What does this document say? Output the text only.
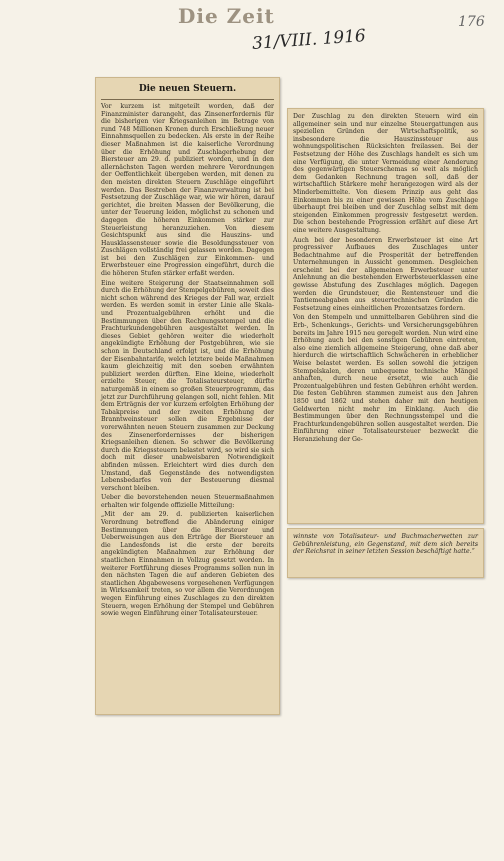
Die Zeit
31/VIII. 1916
176
Die neuen Steuern.

Vor kurzem ist mitgeteilt worden, daß der Finanzminister darangeht, das Zinsenerfordernis für die bisherigen vier Kriegsanleihen im Betrage von rund 748 Millionen Kronen durch Erschließung neuer Einnahmsquellen zu bedecken. Als erste in der Reihe dieser Maßnahmen ist die kaiserliche Verordnung über die Erhöhung und Zuschlagerhebung der Biersteuer am 29. d. publiziert worden, und in den allernächsten Tagen werden mehrere Verordnungen der Oeffentlichkeit übergeben werden, mit denen zu den meisten direkten Steuern Zuschläge eingeführt werden. Das Bestreben der Finanzverwaltung ist bei Festsetzung der Zuschläge war, wie wir hören, darauf gerichtet, die breiten Massen der Bevölkerung, die unter der Teuerung leiden, möglichst zu schonen und dagegen die höheren Einkommen stärker zur Steuerleistung heranzuziehen. Von diesem Gesichtspunkt aus sind die Hauszins- und Hausklassensteuer sowie die Besoldungssteuer von Zuschlägen vollständig frei gelassen worden. Dagegen ist bei den Zuschlägen zur Einkommen- und Erwerbsteuer eine Progression eingeführt, durch die die höheren Stufen stärker erfaßt werden.

Eine weitere Steigerung der Staatseinnahmen soll durch die Erhöhung der Stempelgebühren, soweit dies nicht schon während des Krieges der Fall war, erzielt werden. Es werden somit in erster Linie alle Skala- und Prozentualgebühren erhöht und die Bestimmungen über den Rechnungsstempel und die Frachturkundengebühren ausgestaltet werden. In dieses Gebiet gehören weiter die wiederholt angekündigte Erhöhung der Postgebühren, wie sie schon in Deutschland erfolgt ist, und die Erhöhung der Eisenbahntarife, welch letztere beide Maßnahmen kaum gleichzeitig mit den soeben erwähnten publiziert werden dürften. Eine kleine, wiederholt erzielte Steuer, die Totalisateursteuer, dürfte naturgemäß in einem so großen Steuerprogramm, das jetzt zur Durchführung gelangen soll, nicht fehlen. Mit dem Erträgnis der vor kurzem erfolgten Erhöhung der Tabakpreise und der zweiten Erhöhung der Branntweinsteuer sollen die Ergebnisse der vorerwähnten neuen Steuern zusammen zur Deckung des Zinsenerfordernisses der bisherigen Kriegsanleihen dienen. So schwer die Bevölkerung durch die Kriegssteuern belastet wird, so wird sie sich doch mit dieser unabweisbaren Notwendigkeit abfinden müssen. Erleichtert wird dies durch den Umstand, daß Gegenstände des notwendigsten Lebensbedarfes von der Besteuerung diesmal verschont bleiben.

Ueber die bevorstehenden neuen Steuermaßnahmen erhalten wir folgende offizielle Mitteilung:

„Mit der am 29. d. publizierten kaiserlichen Verordnung betreffend die Abänderung einiger Bestimmungen über die Biersteuer und Ueberweisungen aus den Erträge der Biersteuer an die Landesfonds ist die erste der bereits angekündigten Maßnahmen zur Erhöhung der staatlichen Einnahmen in Vollzug gesetzt worden. In weiterer Fortführung dieses Programms sollen nun in den nächsten Tagen die auf anderen Gebieten des staatlichen Abgabewesens vorgesehenen Verfügungen in Wirksamkeit treten, so vor allem die Verordnungen wegen Einführung eines Zuschlages zu den direkten Steuern, wegen Erhöhung der Stempel und Gebühren sowie wegen Einführung einer Totalisateursteuer.

Der Zuschlag zu den direkten Steuern wird ein allgemeiner sein und nur einzelne Steuergattungen aus speziellen Gründen der Wirtschaftspolitik, so insbesondere die Hauszinssteuer aus wohnungspolitischen Rücksichten freilassen. Bei der Festsetzung der Höhe des Zuschlags handelt es sich um eine Verfügung, die unter Vermeidung einer Aenderung des gegenwärtigen Steuerschemas so weit als möglich dem Gedanken Rechnung tragen soll, daß der wirtschaftlich Stärkere mehr herangezogen wird als der Minderbemittelte. Von diesem Prinzip aus geht das Einkommen bis zu einer gewissen Höhe vom Zuschlage überhaupt frei bleiben und der Zuschlag selbst mit dem steigenden Einkommen progressiv festgesetzt werden. Die schon bestehende Progression erfährt auf diese Art eine weitere Ausgestaltung.

Auch bei der besonderen Erwerbsteuer ist eine Art progressiver Aufbaues des Zuschlages unter Bedachtnahme auf die Prosperität der betreffenden Unternehmungen in Aussicht genommen. Desgleichen erscheint bei der allgemeinen Erwerbsteuer unter Anlehnung an die bestehenden Erwerbsteuerklassen eine gewisse Abstufung des Zuschlages möglich. Dagegen werden die Grundsteuer, die Rentensteuer und die Tantiemeabgaben aus steuertechnischen Gründen die Festsetzung eines einheitlichen Prozentsatzes fordern.

Von den Stempeln und unmittelbaren Gebühren sind die Erb-, Schenkungs-, Gerichts- und Versicherungsgebühren bereits im Jahre 1915 neu geregelt worden. Nun wird eine Erhöhung auch bei den sonstigen Gebühren eintreten, also eine ziemlich allgemeine Steigerung, ohne daß aber hierdurch die wirtschaftlich Schwächeren in erheblicher Weise belastet werden. Es sollen sowohl die jetzigen Stempelskalen, deren unbequeme technische Mängel anhaften, durch neue ersetzt, wie auch die Prozentualgebühren und festen Gebühren erhöht werden. Die festen Gebühren stammen zumeist aus den Jahren 1850 und 1862 und stehen daher mit den heutigen Geldwerten nicht mehr im Einklang. Auch die Bestimmungen über den Rechnungsstempel und die Frachturkundengebühren sollen ausgestaltet werden. Die Einführung einer Totalisateursteuer bezweckt die Heranziehung der Ge-

winnste von Totalisateur- und Buchmacherwetten zur Gebührenleistung, ein Gegenstand, mit dem sich bereits der Reichsrat in seiner letzten Session beschäftigt hatte.“
